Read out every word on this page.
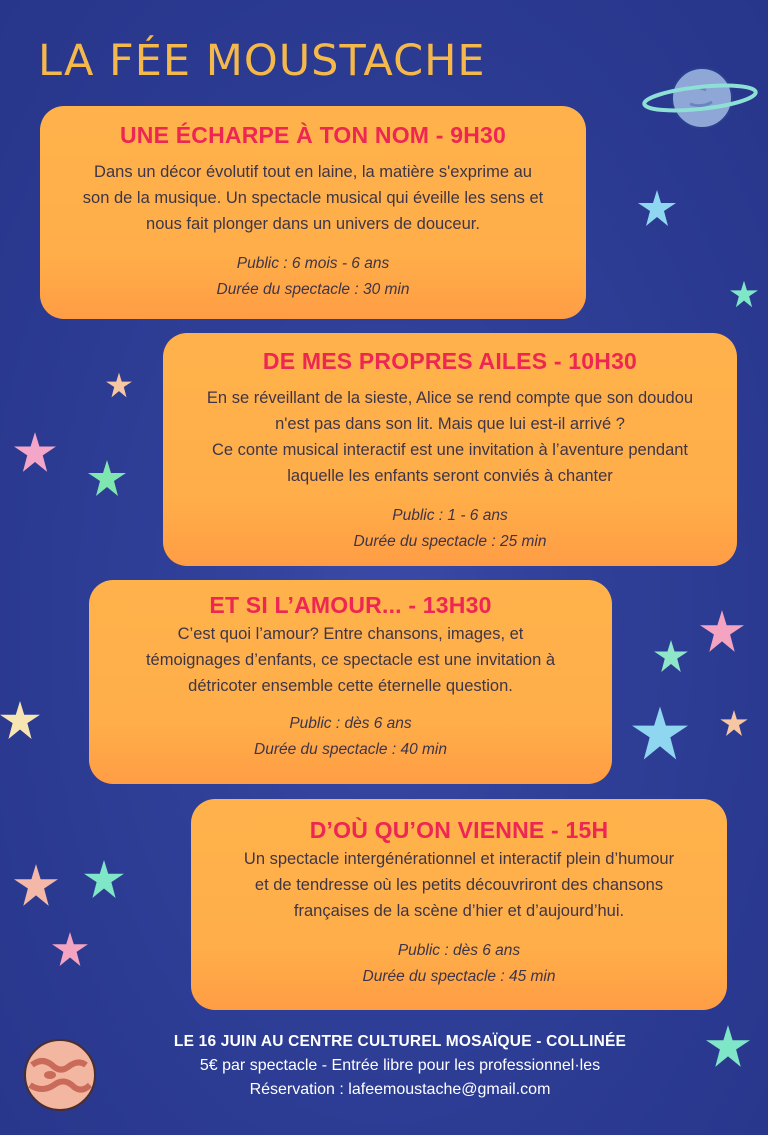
LA FÉE MOUSTACHE
UNE ÉCHARPE À TON NOM - 9H30
Dans un décor évolutif tout en laine, la matière s'exprime au
son de la musique. Un spectacle musical qui éveille les sens et
nous fait plonger dans un univers de douceur.
Public : 6 mois - 6 ans
Durée du spectacle : 30 min
DE MES PROPRES AILES - 10H30
En se réveillant de la sieste, Alice se rend compte que son doudou
n'est pas dans son lit. Mais que lui est-il arrivé ?
Ce conte musical interactif est une invitation à l’aventure pendant
laquelle les enfants seront conviés à chanter
Public : 1 - 6 ans
Durée du spectacle : 25 min
ET SI L’AMOUR... - 13H30
C’est quoi l’amour? Entre chansons, images, et
témoignages d’enfants, ce spectacle est une invitation à
détricoter ensemble cette éternelle question.
Public : dès 6 ans
Durée du spectacle : 40 min
D’OÙ QU’ON VIENNE - 15H
Un spectacle intergénérationnel et interactif plein d’humour
et de tendresse où les petits découvriront des chansons
françaises de la scène d’hier et d’aujourd’hui.
Public : dès 6 ans
Durée du spectacle : 45 min
LE 16 JUIN AU CENTRE CULTUREL MOSAÏQUE - COLLINÉE
5€ par spectacle - Entrée libre pour les professionnel·les
Réservation : lafeemoustache@gmail.com
